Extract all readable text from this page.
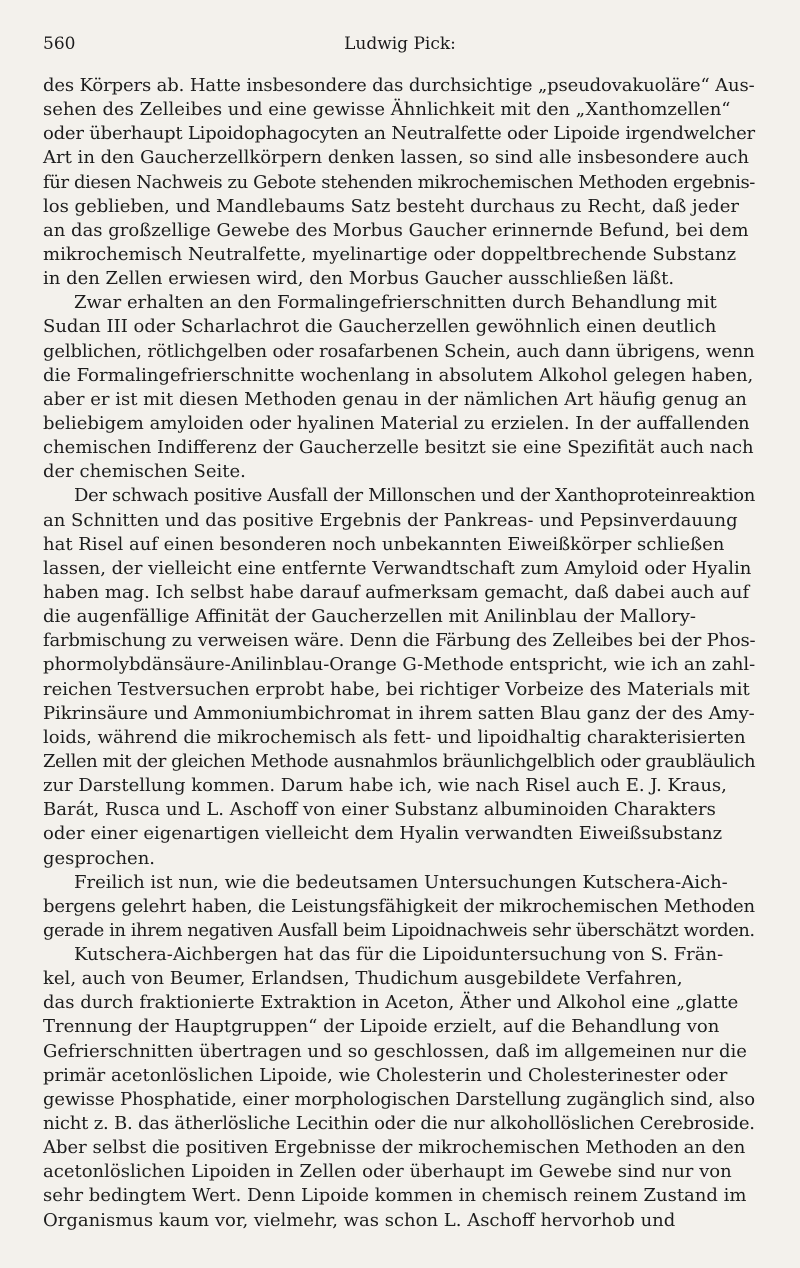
560	Ludwig Pick:
des Körpers ab. Hatte insbesondere das durchsichtige „pseudovakuoläre“ Aus-
sehen des Zelleibes und eine gewisse Ähnlichkeit mit den „Xanthomzellen“
oder überhaupt Lipoidophagocyten an Neutralfette oder Lipoide irgendwelcher
Art in den Gaucherzellkörpern denken lassen, so sind alle insbesondere auch
für diesen Nachweis zu Gebote stehenden mikrochemischen Methoden ergebnis-
los geblieben, und Mandlebaums Satz besteht durchaus zu Recht, daß jeder
an das großzellige Gewebe des Morbus Gaucher erinnernde Befund, bei dem
mikrochemisch Neutralfette, myelinartige oder doppeltbrechende Substanz
in den Zellen erwiesen wird, den Morbus Gaucher ausschließen läßt.
Zwar erhalten an den Formalingefrierschnitten durch Behandlung mit
Sudan III oder Scharlachrot die Gaucherzellen gewöhnlich einen deutlich
gelblichen, rötlichgelben oder rosafarbenen Schein, auch dann übrigens, wenn
die Formalingefrierschnitte wochenlang in absolutem Alkohol gelegen haben,
aber er ist mit diesen Methoden genau in der nämlichen Art häufig genug an
beliebigem amyloiden oder hyalinen Material zu erzielen. In der auffallenden
chemischen Indifferenz der Gaucherzelle besitzt sie eine Spezifität auch nach
der chemischen Seite.
Der schwach positive Ausfall der Millonschen und der Xanthoproteinreaktion
an Schnitten und das positive Ergebnis der Pankreas- und Pepsinverdauung
hat Risel auf einen besonderen noch unbekannten Eiweißkörper schließen
lassen, der vielleicht eine entfernte Verwandtschaft zum Amyloid oder Hyalin
haben mag. Ich selbst habe darauf aufmerksam gemacht, daß dabei auch auf
die augenfällige Affinität der Gaucherzellen mit Anilinblau der Mallory-
farbmischung zu verweisen wäre. Denn die Färbung des Zelleibes bei der Phos-
phormolybdänsäure-Anilinblau-Orange G-Methode entspricht, wie ich an zahl-
reichen Testversuchen erprobt habe, bei richtiger Vorbeize des Materials mit
Pikrinsäure und Ammoniumbichromat in ihrem satten Blau ganz der des Amy-
loids, während die mikrochemisch als fett- und lipoidhaltig charakterisierten
Zellen mit der gleichen Methode ausnahmlos bräunlichgelblich oder graubläulich
zur Darstellung kommen. Darum habe ich, wie nach Risel auch E. J. Kraus,
Barát, Rusca und L. Aschoff von einer Substanz albuminoiden Charakters
oder einer eigenartigen vielleicht dem Hyalin verwandten Eiweißsubstanz
gesprochen.
Freilich ist nun, wie die bedeutsamen Untersuchungen Kutschera-Aich-
bergens gelehrt haben, die Leistungsfähigkeit der mikrochemischen Methoden
gerade in ihrem negativen Ausfall beim Lipoidnachweis sehr überschätzt worden.
Kutschera-Aichbergen hat das für die Lipoiduntersuchung von S. Frän-
kel, auch von Beumer, Erlandsen, Thudichum ausgebildete Verfahren,
das durch fraktionierte Extraktion in Aceton, Äther und Alkohol eine „glatte
Trennung der Hauptgruppen“ der Lipoide erzielt, auf die Behandlung von
Gefrierschnitten übertragen und so geschlossen, daß im allgemeinen nur die
primär acetonlöslichen Lipoide, wie Cholesterin und Cholesterinester oder
gewisse Phosphatide, einer morphologischen Darstellung zugänglich sind, also
nicht z. B. das ätherlösliche Lecithin oder die nur alkohollöslichen Cerebroside.
Aber selbst die positiven Ergebnisse der mikrochemischen Methoden an den
acetonlöslichen Lipoiden in Zellen oder überhaupt im Gewebe sind nur von
sehr bedingtem Wert. Denn Lipoide kommen in chemisch reinem Zustand im
Organismus kaum vor, vielmehr, was schon L. Aschoff hervorhob und
